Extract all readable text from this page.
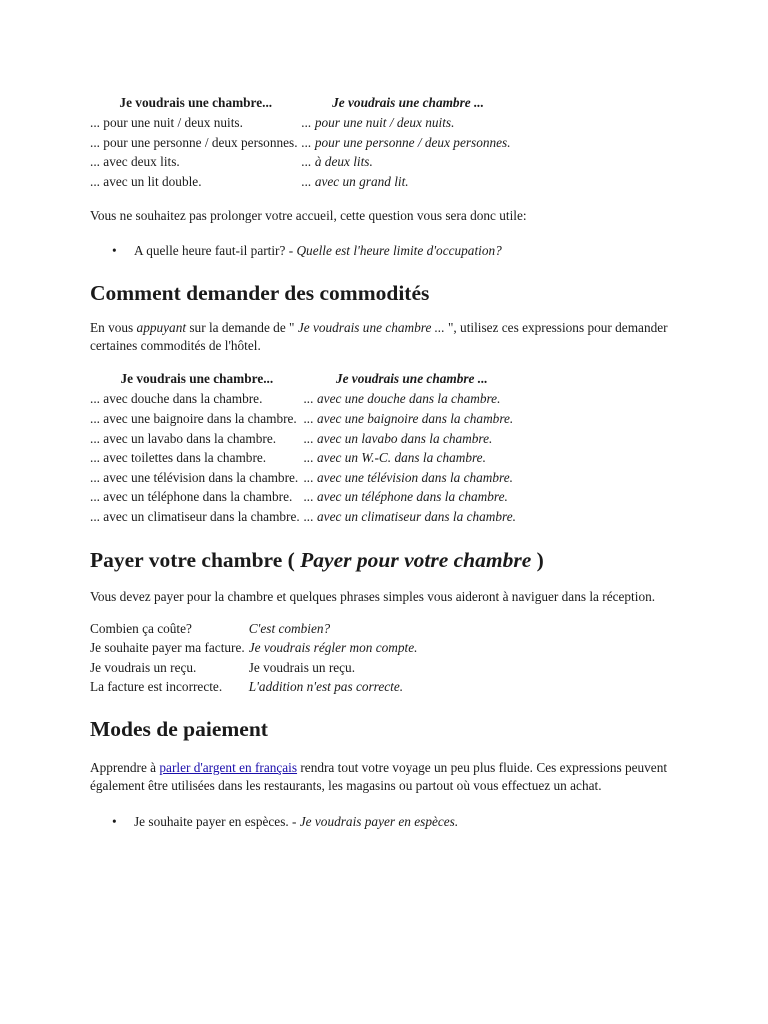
Je voudrais une chambre...	Je voudrais une chambre ...
... pour une nuit / deux nuits.	... pour une nuit / deux nuits.
... pour une personne / deux personnes.	... pour une personne / deux personnes.
... avec deux lits.	... à deux lits.
... avec un lit double.	... avec un grand lit.

Vous ne souhaitez pas prolonger votre accueil, cette question vous sera donc utile:

• A quelle heure faut-il partir? - Quelle est l'heure limite d'occupation?
Comment demander des commodités

En vous appuyant sur la demande de " Je voudrais une chambre ... ", utilisez ces expressions pour demander certaines commodités de l'hôtel.

Je voudrais une chambre...	Je voudrais une chambre ...
... avec douche dans la chambre.	... avec une douche dans la chambre.
... avec une baignoire dans la chambre.	... avec une baignoire dans la chambre.
... avec un lavabo dans la chambre.	... avec un lavabo dans la chambre.
... avec toilettes dans la chambre.	... avec un W.-C. dans la chambre.
... avec une télévision dans la chambre.	... avec une télévision dans la chambre.
... avec un téléphone dans la chambre.	... avec un téléphone dans la chambre.
... avec un climatiseur dans la chambre.	... avec un climatiseur dans la chambre.
Payer votre chambre ( Payer pour votre chambre )

Vous devez payer pour la chambre et quelques phrases simples vous aideront à naviguer dans la réception.

Combien ça coûte?	C'est combien?
Je souhaite payer ma facture.	Je voudrais régler mon compte.
Je voudrais un reçu.	Je voudrais un reçu.
La facture est incorrecte.	L'addition n'est pas correcte.
Modes de paiement

Apprendre à parler d'argent en français rendra tout votre voyage un peu plus fluide. Ces expressions peuvent également être utilisées dans les restaurants, les magasins ou partout où vous effectuez un achat.

• Je souhaite payer en espèces. - Je voudrais payer en espèces.
